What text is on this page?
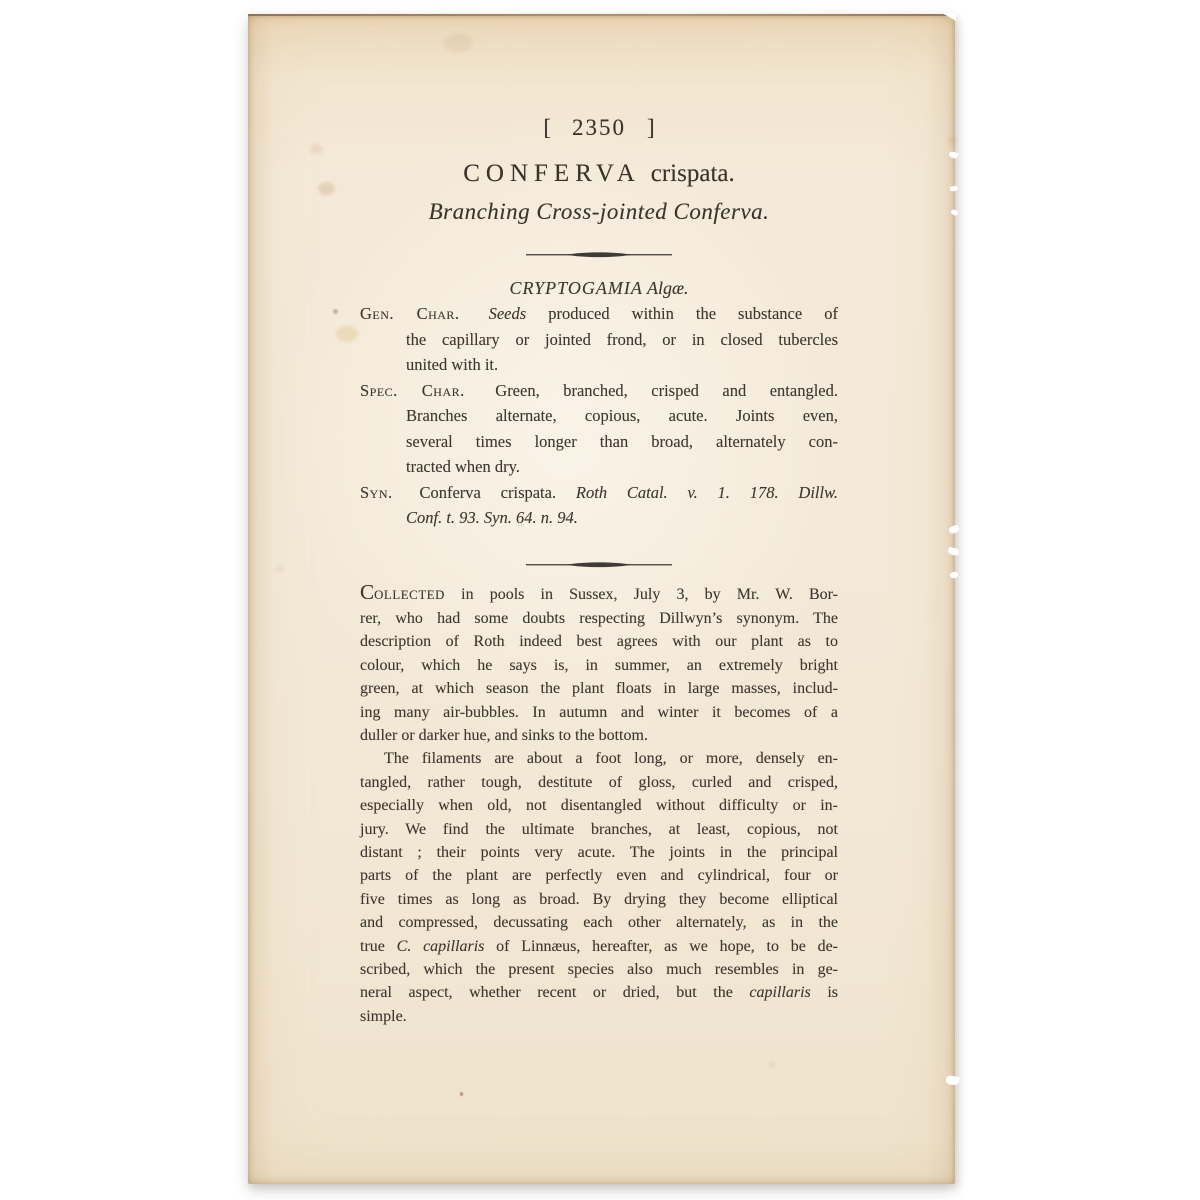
[ 2350 ]
CONFERVA crispata.
Branching Cross-jointed Conferva.
CRYPTOGAMIA Algæ.
Gen. Char. Seeds produced within the substance of
the capillary or jointed frond, or in closed tubercles
united with it.
Spec. Char. Green, branched, crisped and entangled.
Branches alternate, copious, acute. Joints even,
several times longer than broad, alternately con-
tracted when dry.
Syn. Conferva crispata. Roth Catal. v. 1. 178. Dillw.
Conf. t. 93. Syn. 64. n. 94.

COLLECTED in pools in Sussex, July 3, by Mr. W. Bor-
rer, who had some doubts respecting Dillwyn’s synonym. The
description of Roth indeed best agrees with our plant as to
colour, which he says is, in summer, an extremely bright
green, at which season the plant floats in large masses, includ-
ing many air-bubbles. In autumn and winter it becomes of a
duller or darker hue, and sinks to the bottom.

The filaments are about a foot long, or more, densely en-
tangled, rather tough, destitute of gloss, curled and crisped,
especially when old, not disentangled without difficulty or in-
jury. We find the ultimate branches, at least, copious, not
distant ; their points very acute. The joints in the principal
parts of the plant are perfectly even and cylindrical, four or
five times as long as broad. By drying they become elliptical
and compressed, decussating each other alternately, as in the
true C. capillaris of Linnæus, hereafter, as we hope, to be de-
scribed, which the present species also much resembles in ge-
neral aspect, whether recent or dried, but the capillaris is
simple.
